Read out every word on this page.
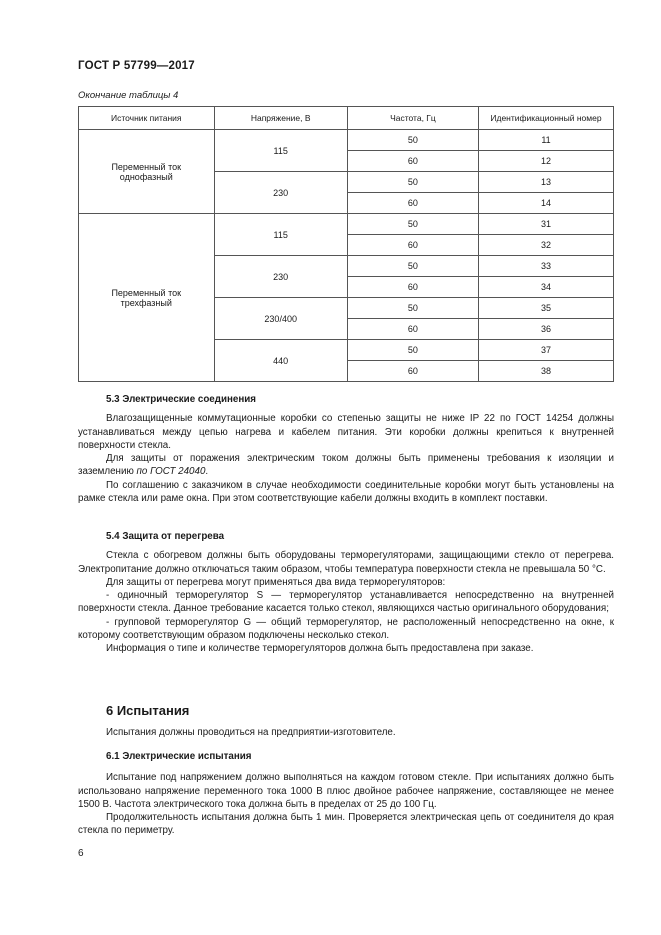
ГОСТ Р 57799—2017
Окончание таблицы 4
Источник питания	Напряжение, В	Частота, Гц	Идентификационный номер
Переменный ток однофазный	115	50	11
		60	12
	230	50	13
		60	14
Переменный ток трехфазный	115	50	31
		60	32
	230	50	33
		60	34
	230/400	50	35
		60	36
	440	50	37
		60	38
5.3 Электрические соединения

Влагозащищенные коммутационные коробки со степенью защиты не ниже IP 22 по ГОСТ 14254 должны устанавливаться между цепью нагрева и кабелем питания. Эти коробки должны крепиться к внутренней поверхности стекла.

Для защиты от поражения электрическим током должны быть применены требования к изоляции и заземлению по ГОСТ 24040.

По соглашению с заказчиком в случае необходимости соединительные коробки могут быть установлены на рамке стекла или раме окна. При этом соответствующие кабели должны входить в комплект поставки.

5.4 Защита от перегрева

Стекла с обогревом должны быть оборудованы терморегуляторами, защищающими стекло от перегрева. Электропитание должно отключаться таким образом, чтобы температура поверхности стекла не превышала 50 °С.

Для защиты от перегрева могут применяться два вида терморегуляторов:

- одиночный терморегулятор S — терморегулятор устанавливается непосредственно на внутренней поверхности стекла. Данное требование касается только стекол, являющихся частью оригинального оборудования;

- групповой терморегулятор G — общий терморегулятор, не расположенный непосредственно на окне, к которому соответствующим образом подключены несколько стекол.

Информация о типе и количестве терморегуляторов должна быть предоставлена при заказе.

6 Испытания

Испытания должны проводиться на предприятии-изготовителе.

6.1 Электрические испытания

Испытание под напряжением должно выполняться на каждом готовом стекле. При испытаниях должно быть использовано напряжение переменного тока 1000 В плюс двойное рабочее напряжение, составляющее не менее 1500 В. Частота электрического тока должна быть в пределах от 25 до 100 Гц.

Продолжительность испытания должна быть 1 мин. Проверяется электрическая цепь от соединителя до края стекла по периметру.

6
